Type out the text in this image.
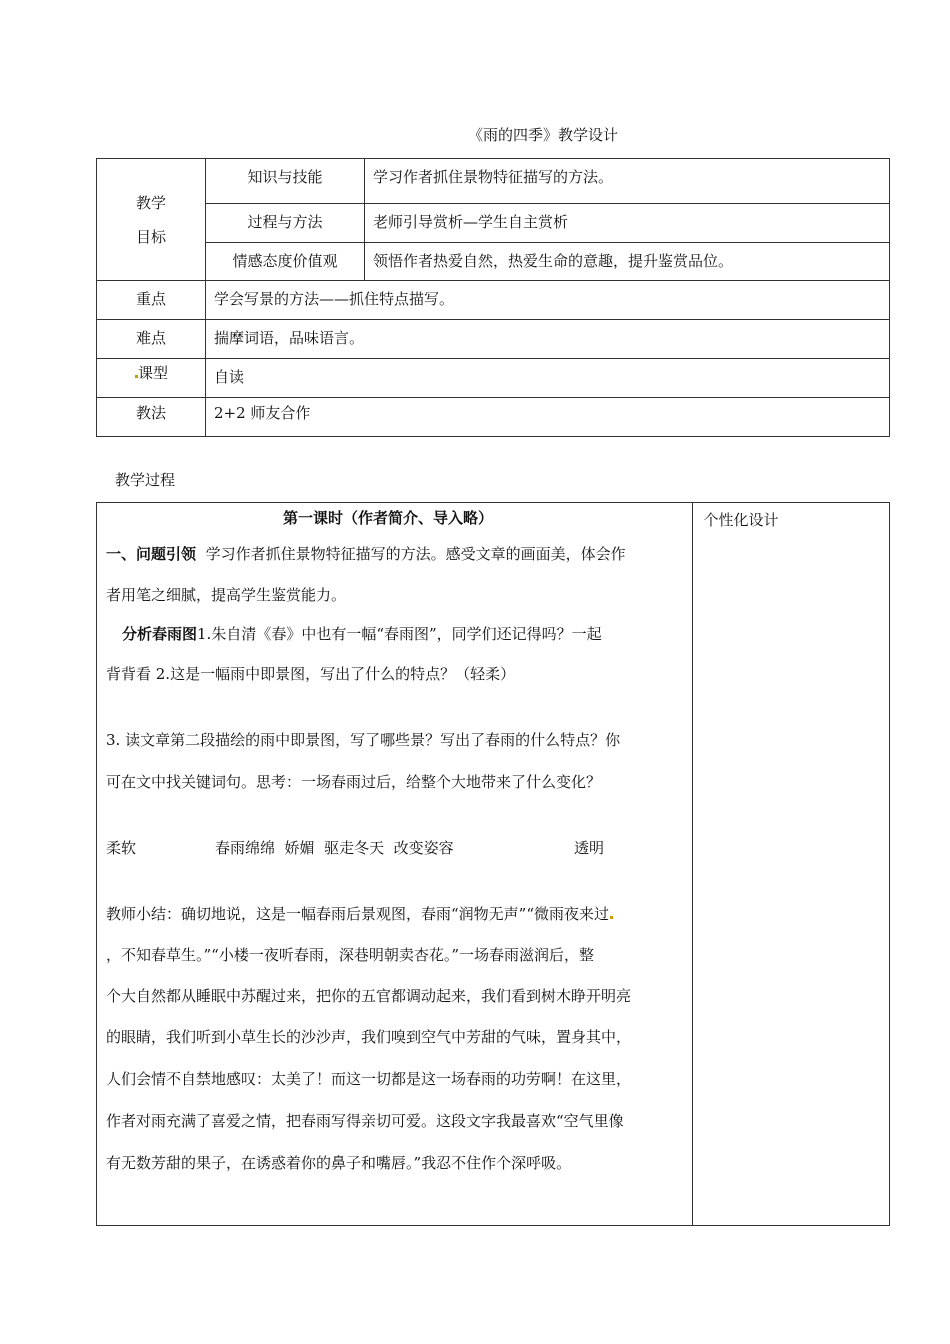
《雨的四季》教学设计
教学
目标	知识与技能	学习作者抓住景物特征描写的方法。
	过程与方法	老师引导赏析—学生自主赏析
	情感态度价值观	领悟作者热爱自然，热爱生命的意趣，提升鉴赏品位。
重点	学会写景的方法——抓住特点描写。	
难点	揣摩词语，品味语言。	
课型	自读	
教法	2+2 师友合作	
教学过程
	个性化设计
第一课时（作者简介、导入略）
一、问题引领 学习作者抓住景物特征描写的方法。感受文章的画面美，体会作
者用笔之细腻，提高学生鉴赏能力。
分析春雨图1.朱自清《春》中也有一幅“春雨图”，同学们还记得吗？一起
背背看 2.这是一幅雨中即景图，写出了什么的特点？（轻柔）
3. 读文章第二段描绘的雨中即景图，写了哪些景？写出了春雨的什么特点？你
可在文中找关键词句。思考：一场春雨过后，给整个大地带来了什么变化？
柔软	春雨绵绵  娇媚  驱走冬天  改变姿容	透明
教师小结：确切地说，这是一幅春雨后景观图，春雨“润物无声”“微雨夜来过
，不知春草生。”“小楼一夜听春雨，深巷明朝卖杏花。”一场春雨滋润后，整
个大自然都从睡眠中苏醒过来，把你的五官都调动起来，我们看到树木睁开明亮
的眼睛，我们听到小草生长的沙沙声，我们嗅到空气中芳甜的气味，置身其中，
人们会情不自禁地感叹：太美了！而这一切都是这一场春雨的功劳啊！在这里，
作者对雨充满了喜爱之情，把春雨写得亲切可爱。这段文字我最喜欢“空气里像
有无数芳甜的果子，在诱惑着你的鼻子和嘴唇。”我忍不住作个深呼吸。
